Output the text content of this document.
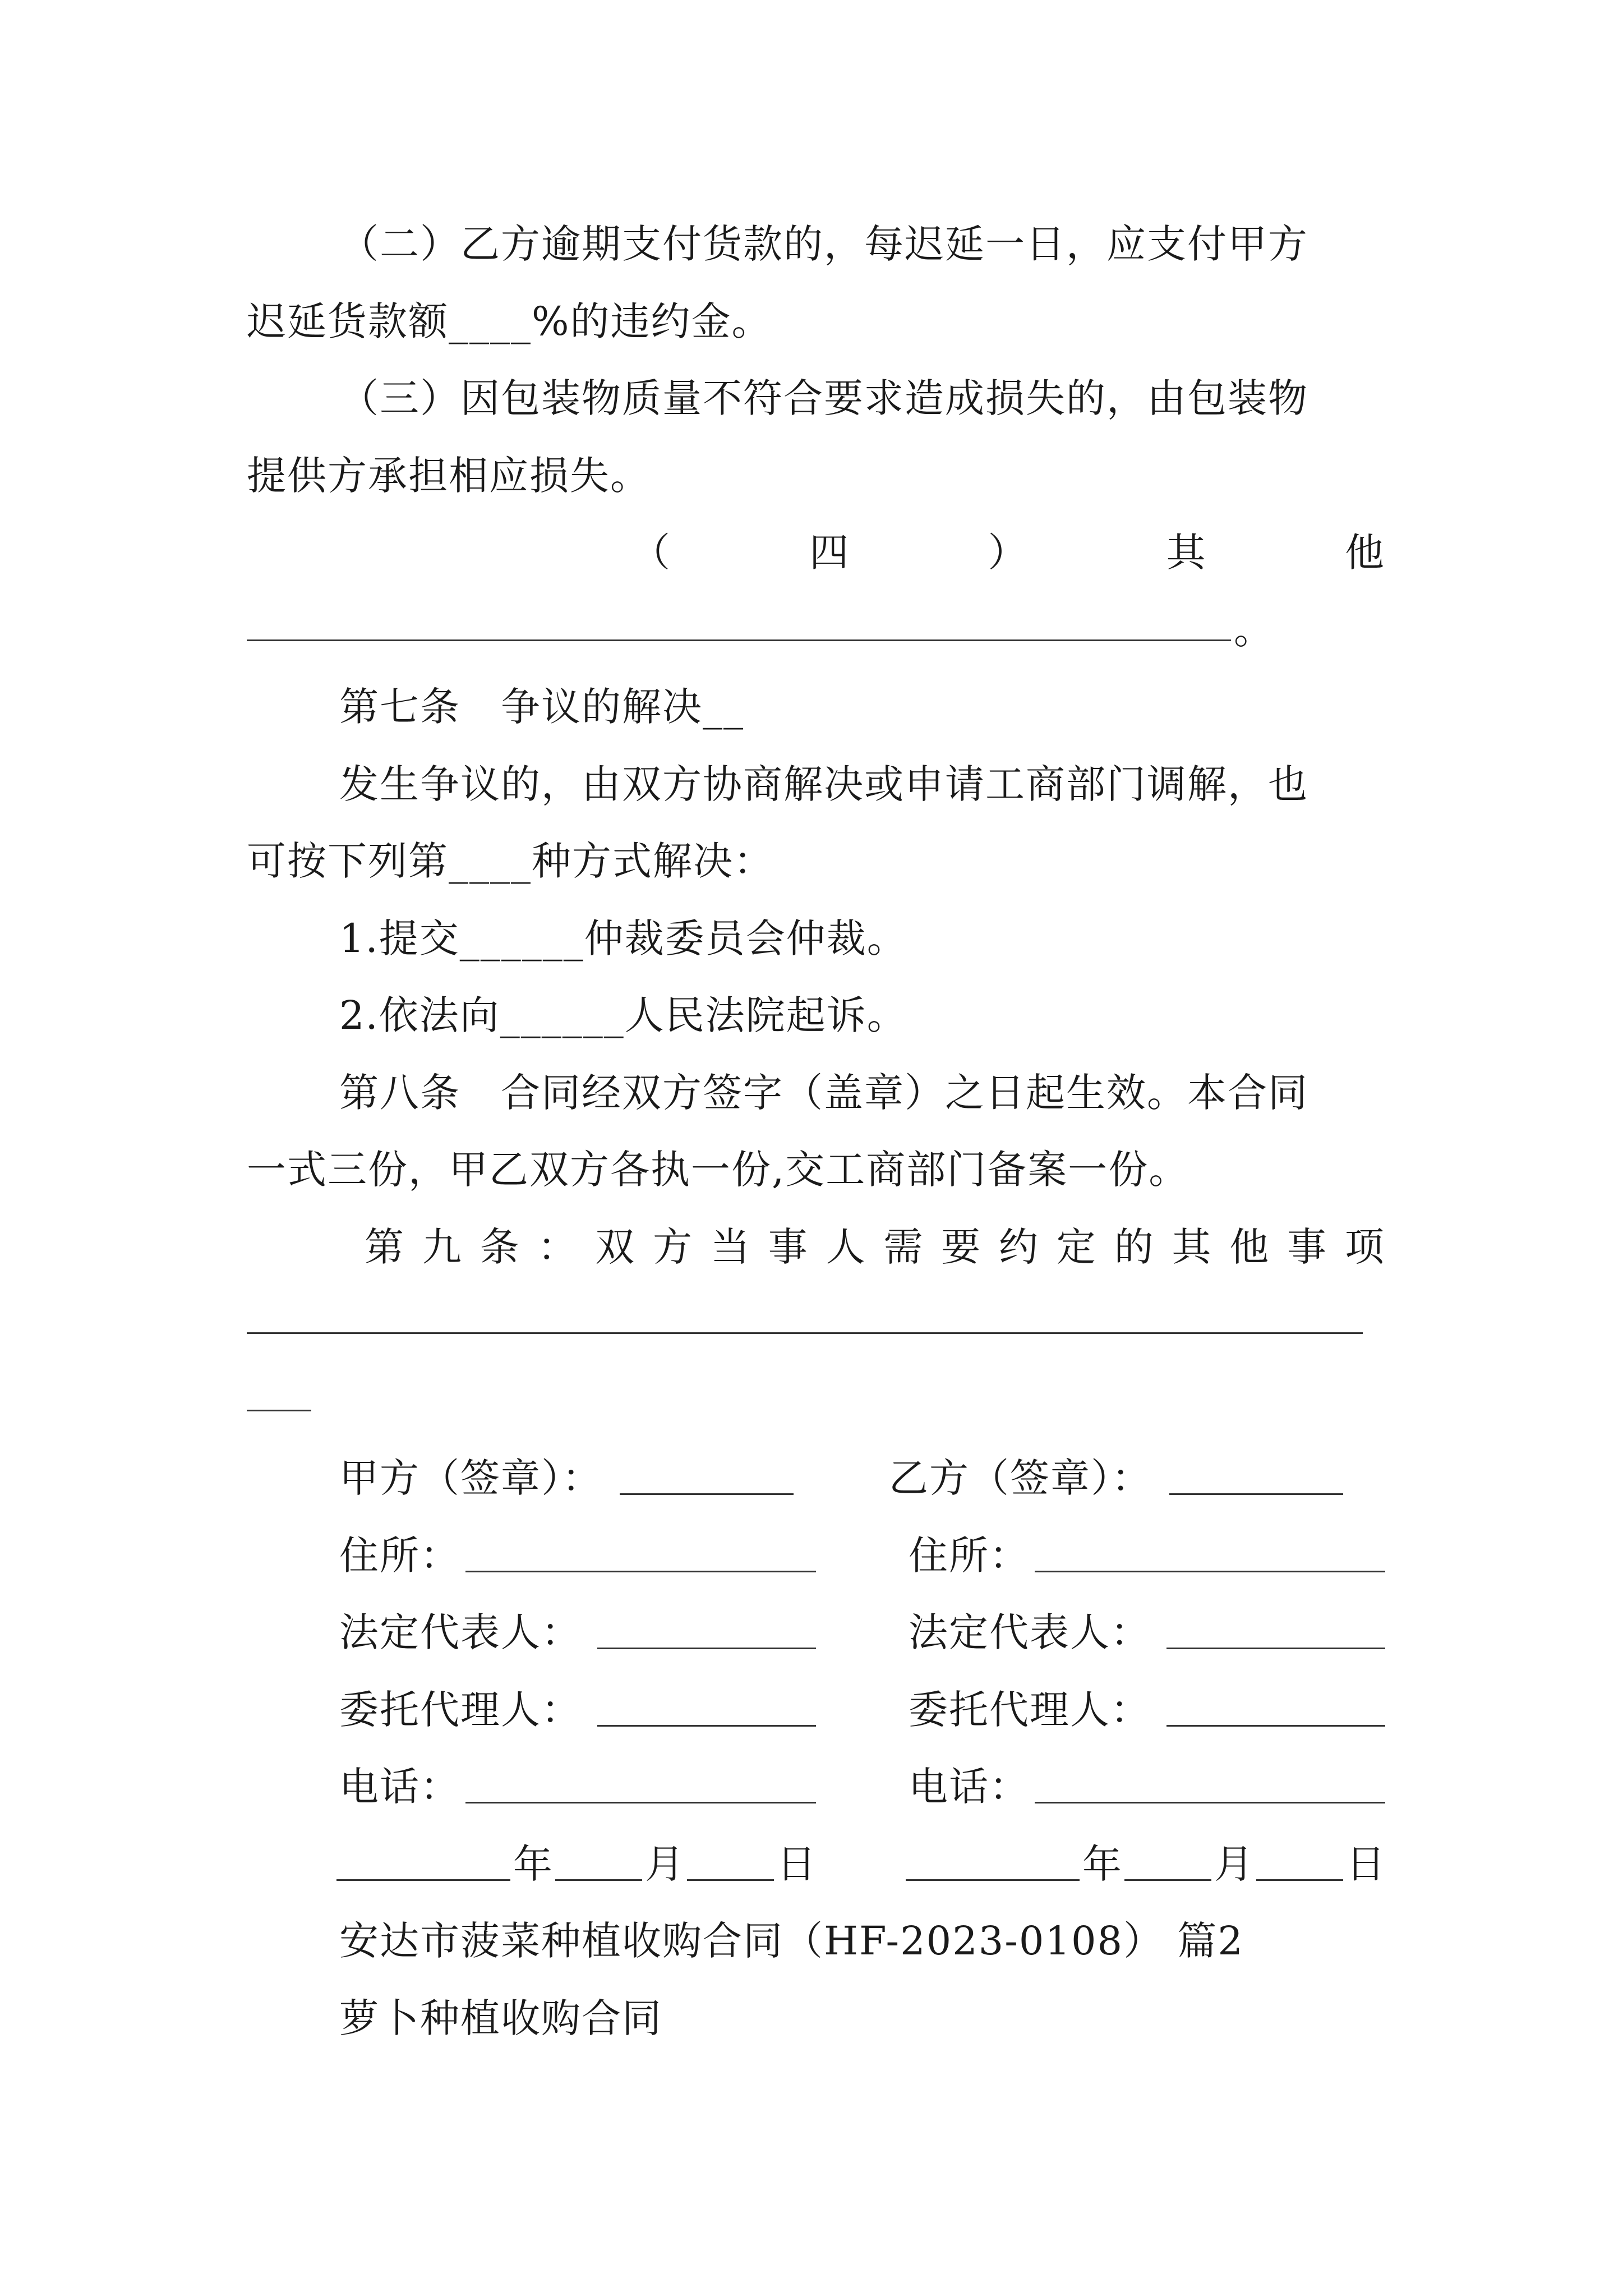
（二）乙方逾期支付货款的，每迟延一日，应支付甲方
迟延货款额____%的违约金。
（三）因包装物质量不符合要求造成损失的，由包装物
提供方承担相应损失。
（	四	）	其	他
。
第七条　争议的解决__
发生争议的，由双方协商解决或申请工商部门调解，也
可按下列第____种方式解决：
1.提交______仲裁委员会仲裁。
2.依法向______人民法院起诉。
第八条　合同经双方签字（盖章）之日起生效。本合同
一式三份，甲乙双方各执一份,交工商部门备案一份。
第 九 条 ： 双 方 当 事 人 需 要 约 定 的 其 他 事 项
甲方（签章）：	乙方（签章）：
住所：	住所：
法定代表人：	法定代表人：
委托代理人：	委托代理人：
电话：	电话：
年 月 日	年 月 日
安达市菠菜种植收购合同（HF-2023-0108） 篇2
萝卜种植收购合同
